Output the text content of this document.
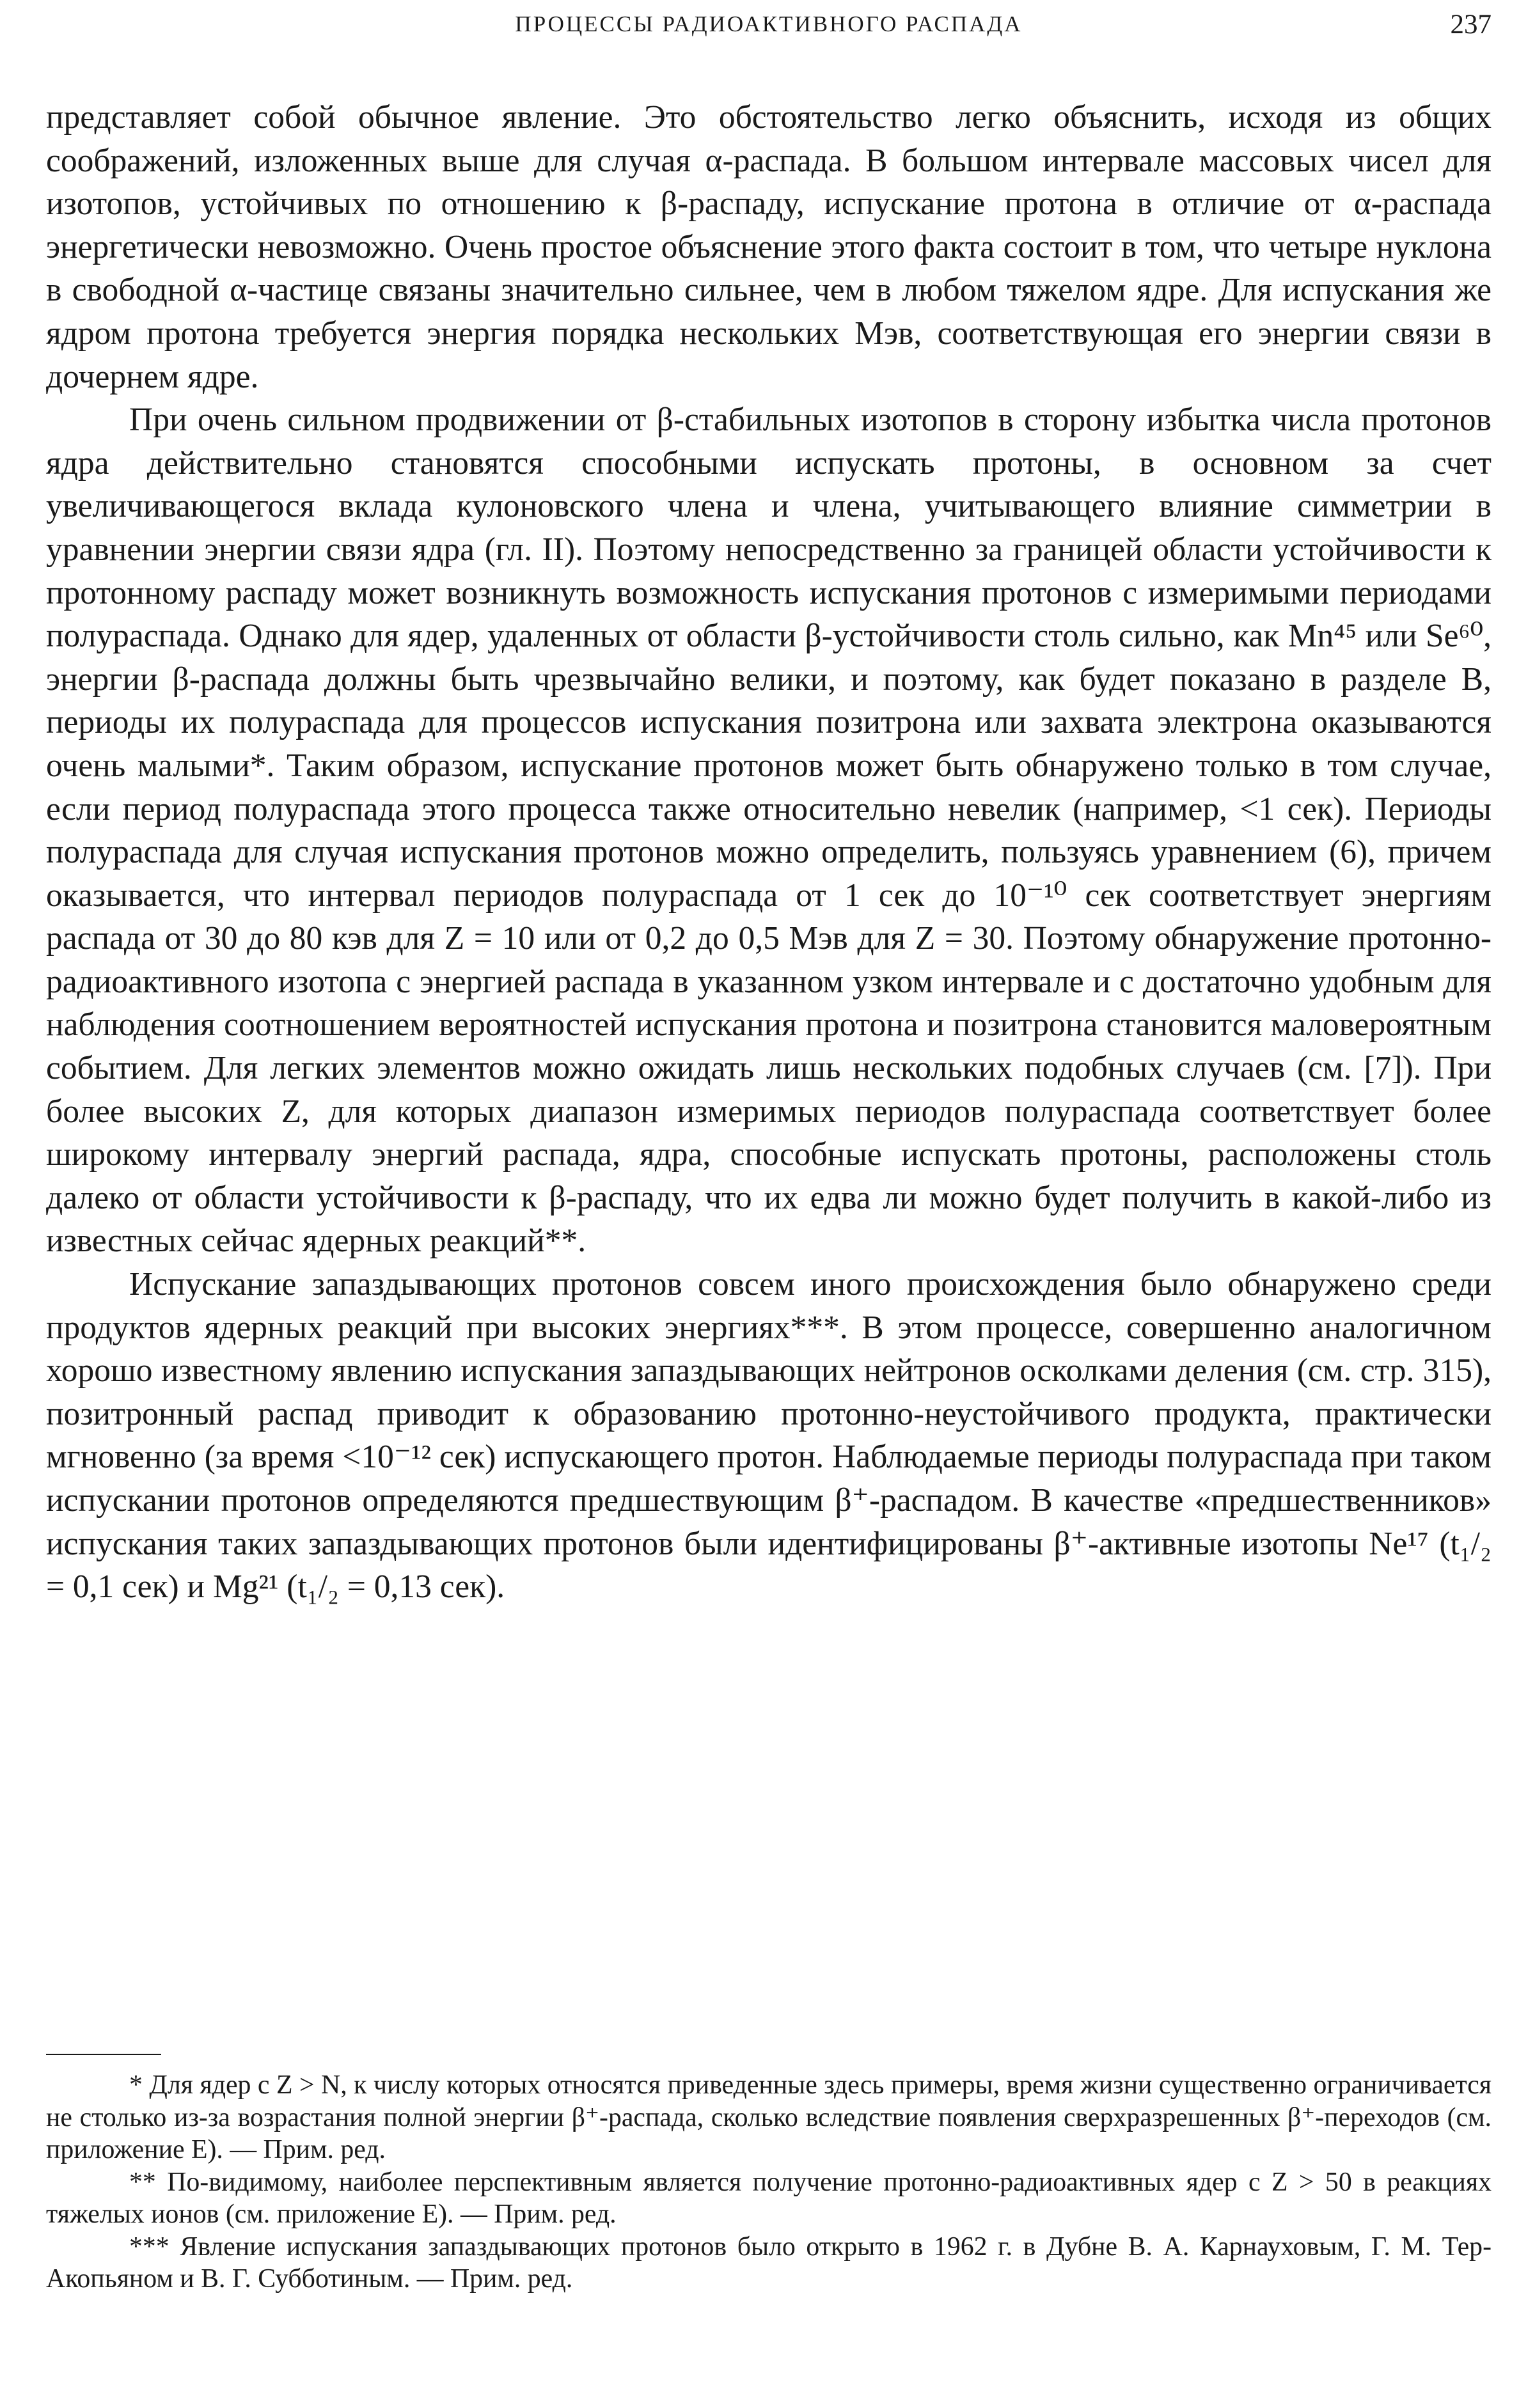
ПРОЦЕССЫ РАДИОАКТИВНОГО РАСПАДА	237

представляет собой обычное явление. Это обстоятельство легко объяснить, исходя из общих соображений, изложенных выше для случая α-распада. В большом интервале массовых чисел для изотопов, устойчивых по отношению к β-распаду, испускание протона в отличие от α-распада энергетически невозможно. Очень простое объяснение этого факта состоит в том, что четыре нуклона в свободной α-частице связаны значительно сильнее, чем в любом тяжелом ядре. Для испускания же ядром протона требуется энергия порядка нескольких Мэв, соответствующая его энергии связи в дочернем ядре.

При очень сильном продвижении от β-стабильных изотопов в сторону избытка числа протонов ядра действительно становятся способными испускать протоны, в основном за счет увеличивающегося вклада кулоновского члена и члена, учитывающего влияние симметрии в уравнении энергии связи ядра (гл. II). Поэтому непосредственно за границей области устойчивости к протонному распаду может возникнуть возможность испускания протонов с измеримыми периодами полураспада. Однако для ядер, удаленных от области β-устойчивости столь сильно, как Mn⁴⁵ или Se⁶⁰, энергии β-распада должны быть чрезвычайно велики, и поэтому, как будет показано в разделе В, периоды их полураспада для процессов испускания позитрона или захвата электрона оказываются очень малыми*. Таким образом, испускание протонов может быть обнаружено только в том случае, если период полураспада этого процесса также относительно невелик (например, <1 сек). Периоды полураспада для случая испускания протонов можно определить, пользуясь уравнением (6), причем оказывается, что интервал периодов полураспада от 1 сек до 10⁻¹⁰ сек соответствует энергиям распада от 30 до 80 кэв для Z = 10 или от 0,2 до 0,5 Мэв для Z = 30. Поэтому обнаружение протонно-радиоактивного изотопа с энергией распада в указанном узком интервале и с достаточно удобным для наблюдения соотношением вероятностей испускания протона и позитрона становится маловероятным событием. Для легких элементов можно ожидать лишь нескольких подобных случаев (см. [7]). При более высоких Z, для которых диапазон измеримых периодов полураспада соответствует более широкому интервалу энергий распада, ядра, способные испускать протоны, расположены столь далеко от области устойчивости к β-распаду, что их едва ли можно будет получить в какой-либо из известных сейчас ядерных реакций**.

Испускание запаздывающих протонов совсем иного происхождения было обнаружено среди продуктов ядерных реакций при высоких энергиях***. В этом процессе, совершенно аналогичном хорошо известному явлению испускания запаздывающих нейтронов осколками деления (см. стр. 315), позитронный распад приводит к образованию протонно-неустойчивого продукта, практически мгновенно (за время <10⁻¹² сек) испускающего протон. Наблюдаемые периоды полураспада при таком испускании протонов определяются предшествующим β⁺-распадом. В качестве «предшественников» испускания таких запаздывающих протонов были идентифицированы β⁺-активные изотопы Ne¹⁷ (t₁/₂ = 0,1 сек) и Mg²¹ (t₁/₂ = 0,13 сек).

* Для ядер с Z > N, к числу которых относятся приведенные здесь примеры, время жизни существенно ограничивается не столько из-за возрастания полной энергии β⁺-распада, сколько вследствие появления сверхразрешенных β⁺-переходов (см. приложение Е). — Прим. ред.

** По-видимому, наиболее перспективным является получение протонно-радиоактивных ядер с Z > 50 в реакциях тяжелых ионов (см. приложение Е). — Прим. ред.

*** Явление испускания запаздывающих протонов было открыто в 1962 г. в Дубне В. А. Карнауховым, Г. М. Тер-Акопьяном и В. Г. Субботиным. — Прим. ред.
